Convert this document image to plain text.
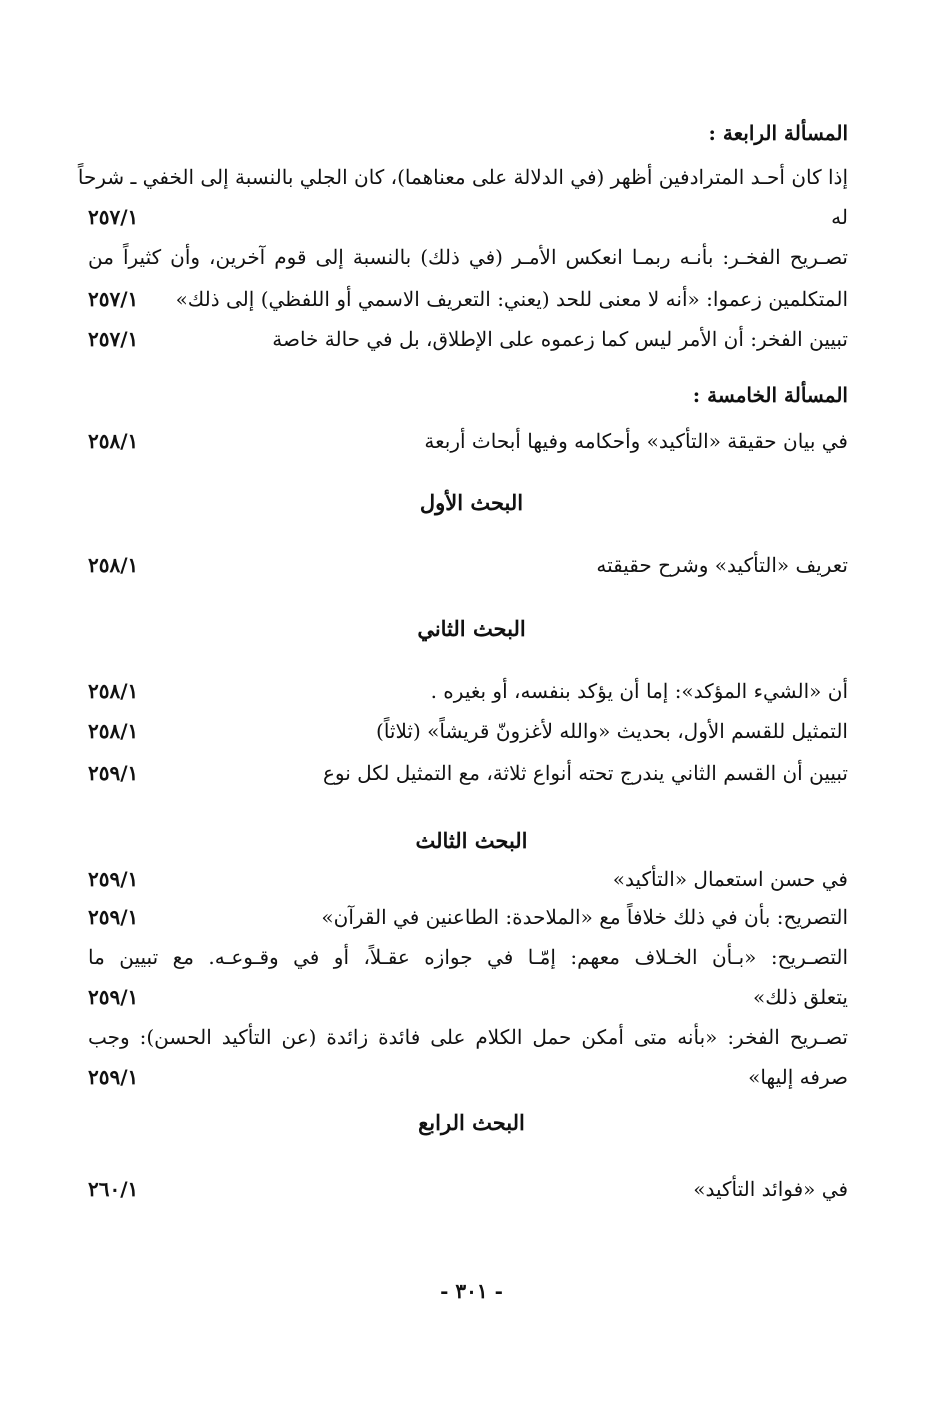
المسألة الرابعة :
إذا كان أحـد المترادفين أظهر (في الدلالة على معناهما)، كان الجلي بالنسبة إلى الخفي ـ شرحاً
له
٢٥٧/١
تصـريح الفخـر: بأنـه ربمـا انعكس الأمـر (في ذلك) بالنسبة إلى قوم آخرين، وأن كثيراً من
المتكلمين زعموا: «أنه لا معنى للحد (يعني: التعريف الاسمي أو اللفظي) إلى ذلك»
٢٥٧/١
تبيين الفخر: أن الأمر ليس كما زعموه على الإطلاق، بل في حالة خاصة
٢٥٧/١
المسألة الخامسة :
في بيان حقيقة «التأكيد» وأحكامه وفيها أبحاث أربعة
٢٥٨/١
البحث الأول
تعريف «التأكيد» وشرح حقيقته
٢٥٨/١
البحث الثاني
أن «الشيء المؤكد»: إما أن يؤكد بنفسه، أو بغيره .
٢٥٨/١
التمثيل للقسم الأول، بحديث «والله لأغزونّ قريشاً» (ثلاثاً)
٢٥٨/١
تبيين أن القسم الثاني يندرج تحته أنواع ثلاثة، مع التمثيل لكل نوع
٢٥٩/١
البحث الثالث
في حسن استعمال «التأكيد»
٢٥٩/١
التصريح: بأن في ذلك خلافاً مع «الملاحدة: الطاعنين في القرآن»
٢٥٩/١
التصـريح: «بـأن الخـلاف معهم: إمّـا في جوازه عقـلاً، أو في وقـوعـه. مع تبيين ما
يتعلق ذلك»
٢٥٩/١
تصـريح الفخر: «بأنه متى أمكن حمل الكلام على فائدة زائدة (عن التأكيد الحسن): وجب
صرفه إليها»
٢٥٩/١
البحث الرابع
في «فوائد التأكيد»
٢٦٠/١
- ٣٠١ -
